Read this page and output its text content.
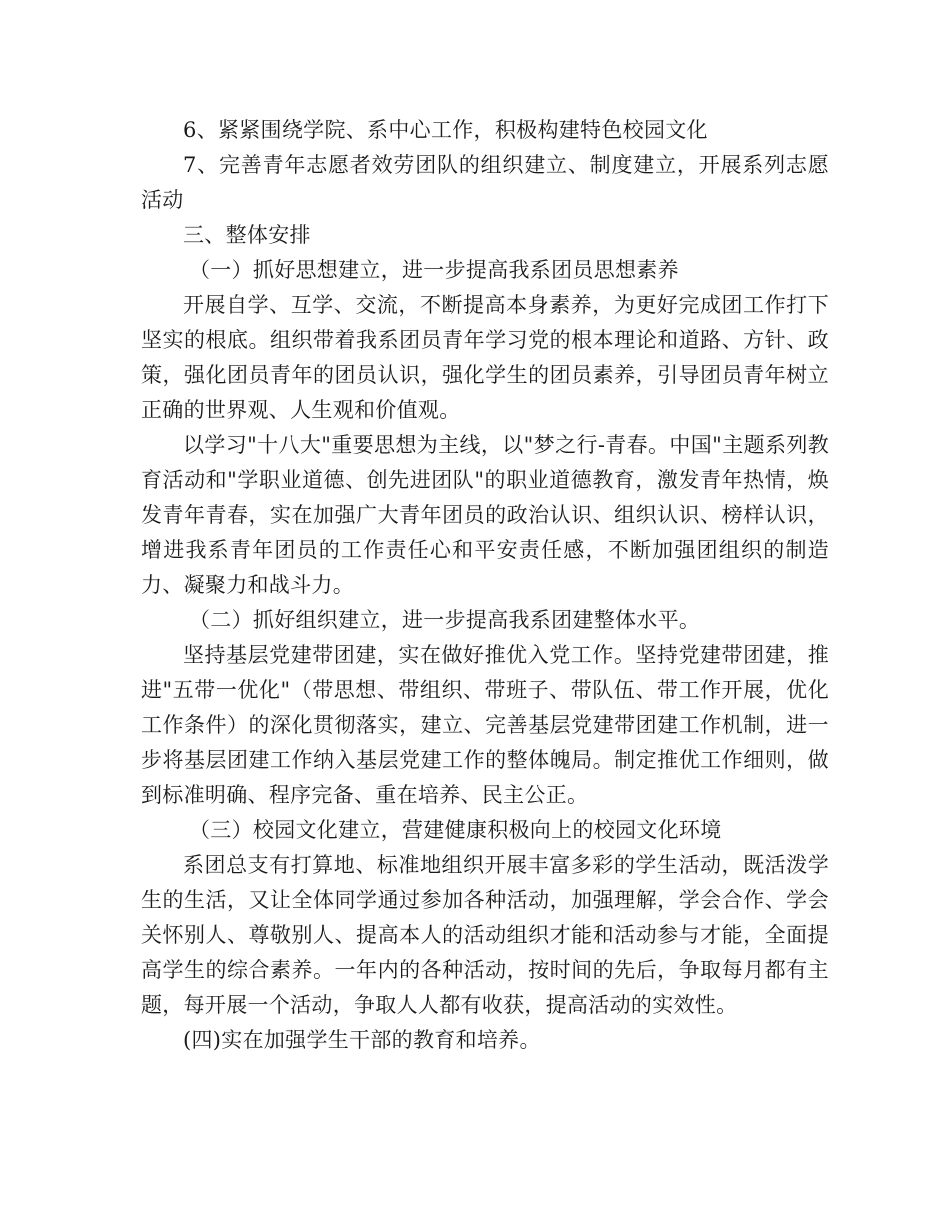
6、紧紧围绕学院、系中心工作，积极构建特色校园文化

7、完善青年志愿者效劳团队的组织建立、制度建立，开展系列志愿活动

三、整体安排

（一）抓好思想建立，进一步提高我系团员思想素养

开展自学、互学、交流，不断提高本身素养，为更好完成团工作打下坚实的根底。组织带着我系团员青年学习党的根本理论和道路、方针、政策，强化团员青年的团员认识，强化学生的团员素养，引导团员青年树立正确的世界观、人生观和价值观。

以学习"十八大"重要思想为主线，以"梦之行-青春。中国"主题系列教育活动和"学职业道德、创先进团队"的职业道德教育，激发青年热情，焕发青年青春，实在加强广大青年团员的政治认识、组织认识、榜样认识，增进我系青年团员的工作责任心和平安责任感，不断加强团组织的制造力、凝聚力和战斗力。

（二）抓好组织建立，进一步提高我系团建整体水平。

坚持基层党建带团建，实在做好推优入党工作。坚持党建带团建，推进"五带一优化"（带思想、带组织、带班子、带队伍、带工作开展，优化工作条件）的深化贯彻落实，建立、完善基层党建带团建工作机制，进一步将基层团建工作纳入基层党建工作的整体魄局。制定推优工作细则，做到标准明确、程序完备、重在培养、民主公正。

（三）校园文化建立，营建健康积极向上的校园文化环境

系团总支有打算地、标准地组织开展丰富多彩的学生活动，既活泼学生的生活，又让全体同学通过参加各种活动，加强理解，学会合作、学会关怀别人、尊敬别人、提高本人的活动组织才能和活动参与才能，全面提高学生的综合素养。一年内的各种活动，按时间的先后，争取每月都有主题，每开展一个活动，争取人人都有收获，提高活动的实效性。

(四)实在加强学生干部的教育和培养。
